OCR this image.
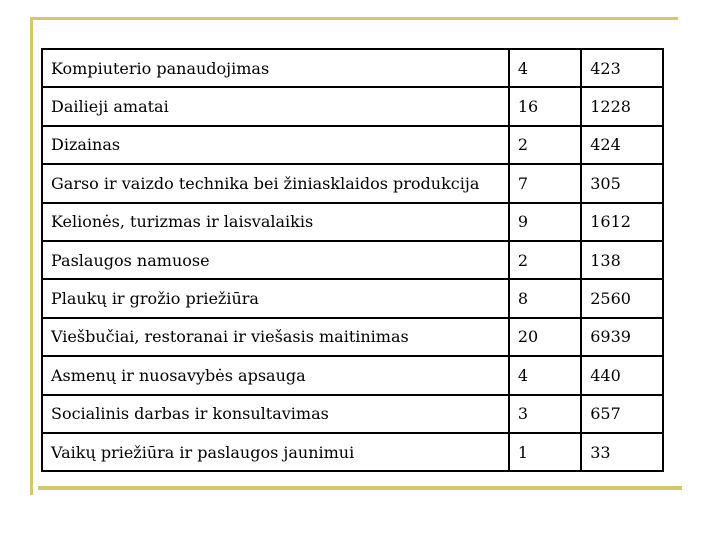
Kompiuterio panaudojimas	4	423
Dailieji amatai	16	1228
Dizainas	2	424
Garso ir vaizdo technika bei žiniasklaidos produkcija	7	305
Kelionės, turizmas ir laisvalaikis	9	1612
Paslaugos namuose	2	138
Plaukų ir grožio priežiūra	8	2560
Viešbučiai, restoranai ir viešasis maitinimas	20	6939
Asmenų ir nuosavybės apsauga	4	440
Socialinis darbas ir konsultavimas	3	657
Vaikų priežiūra ir paslaugos jaunimui	1	33
